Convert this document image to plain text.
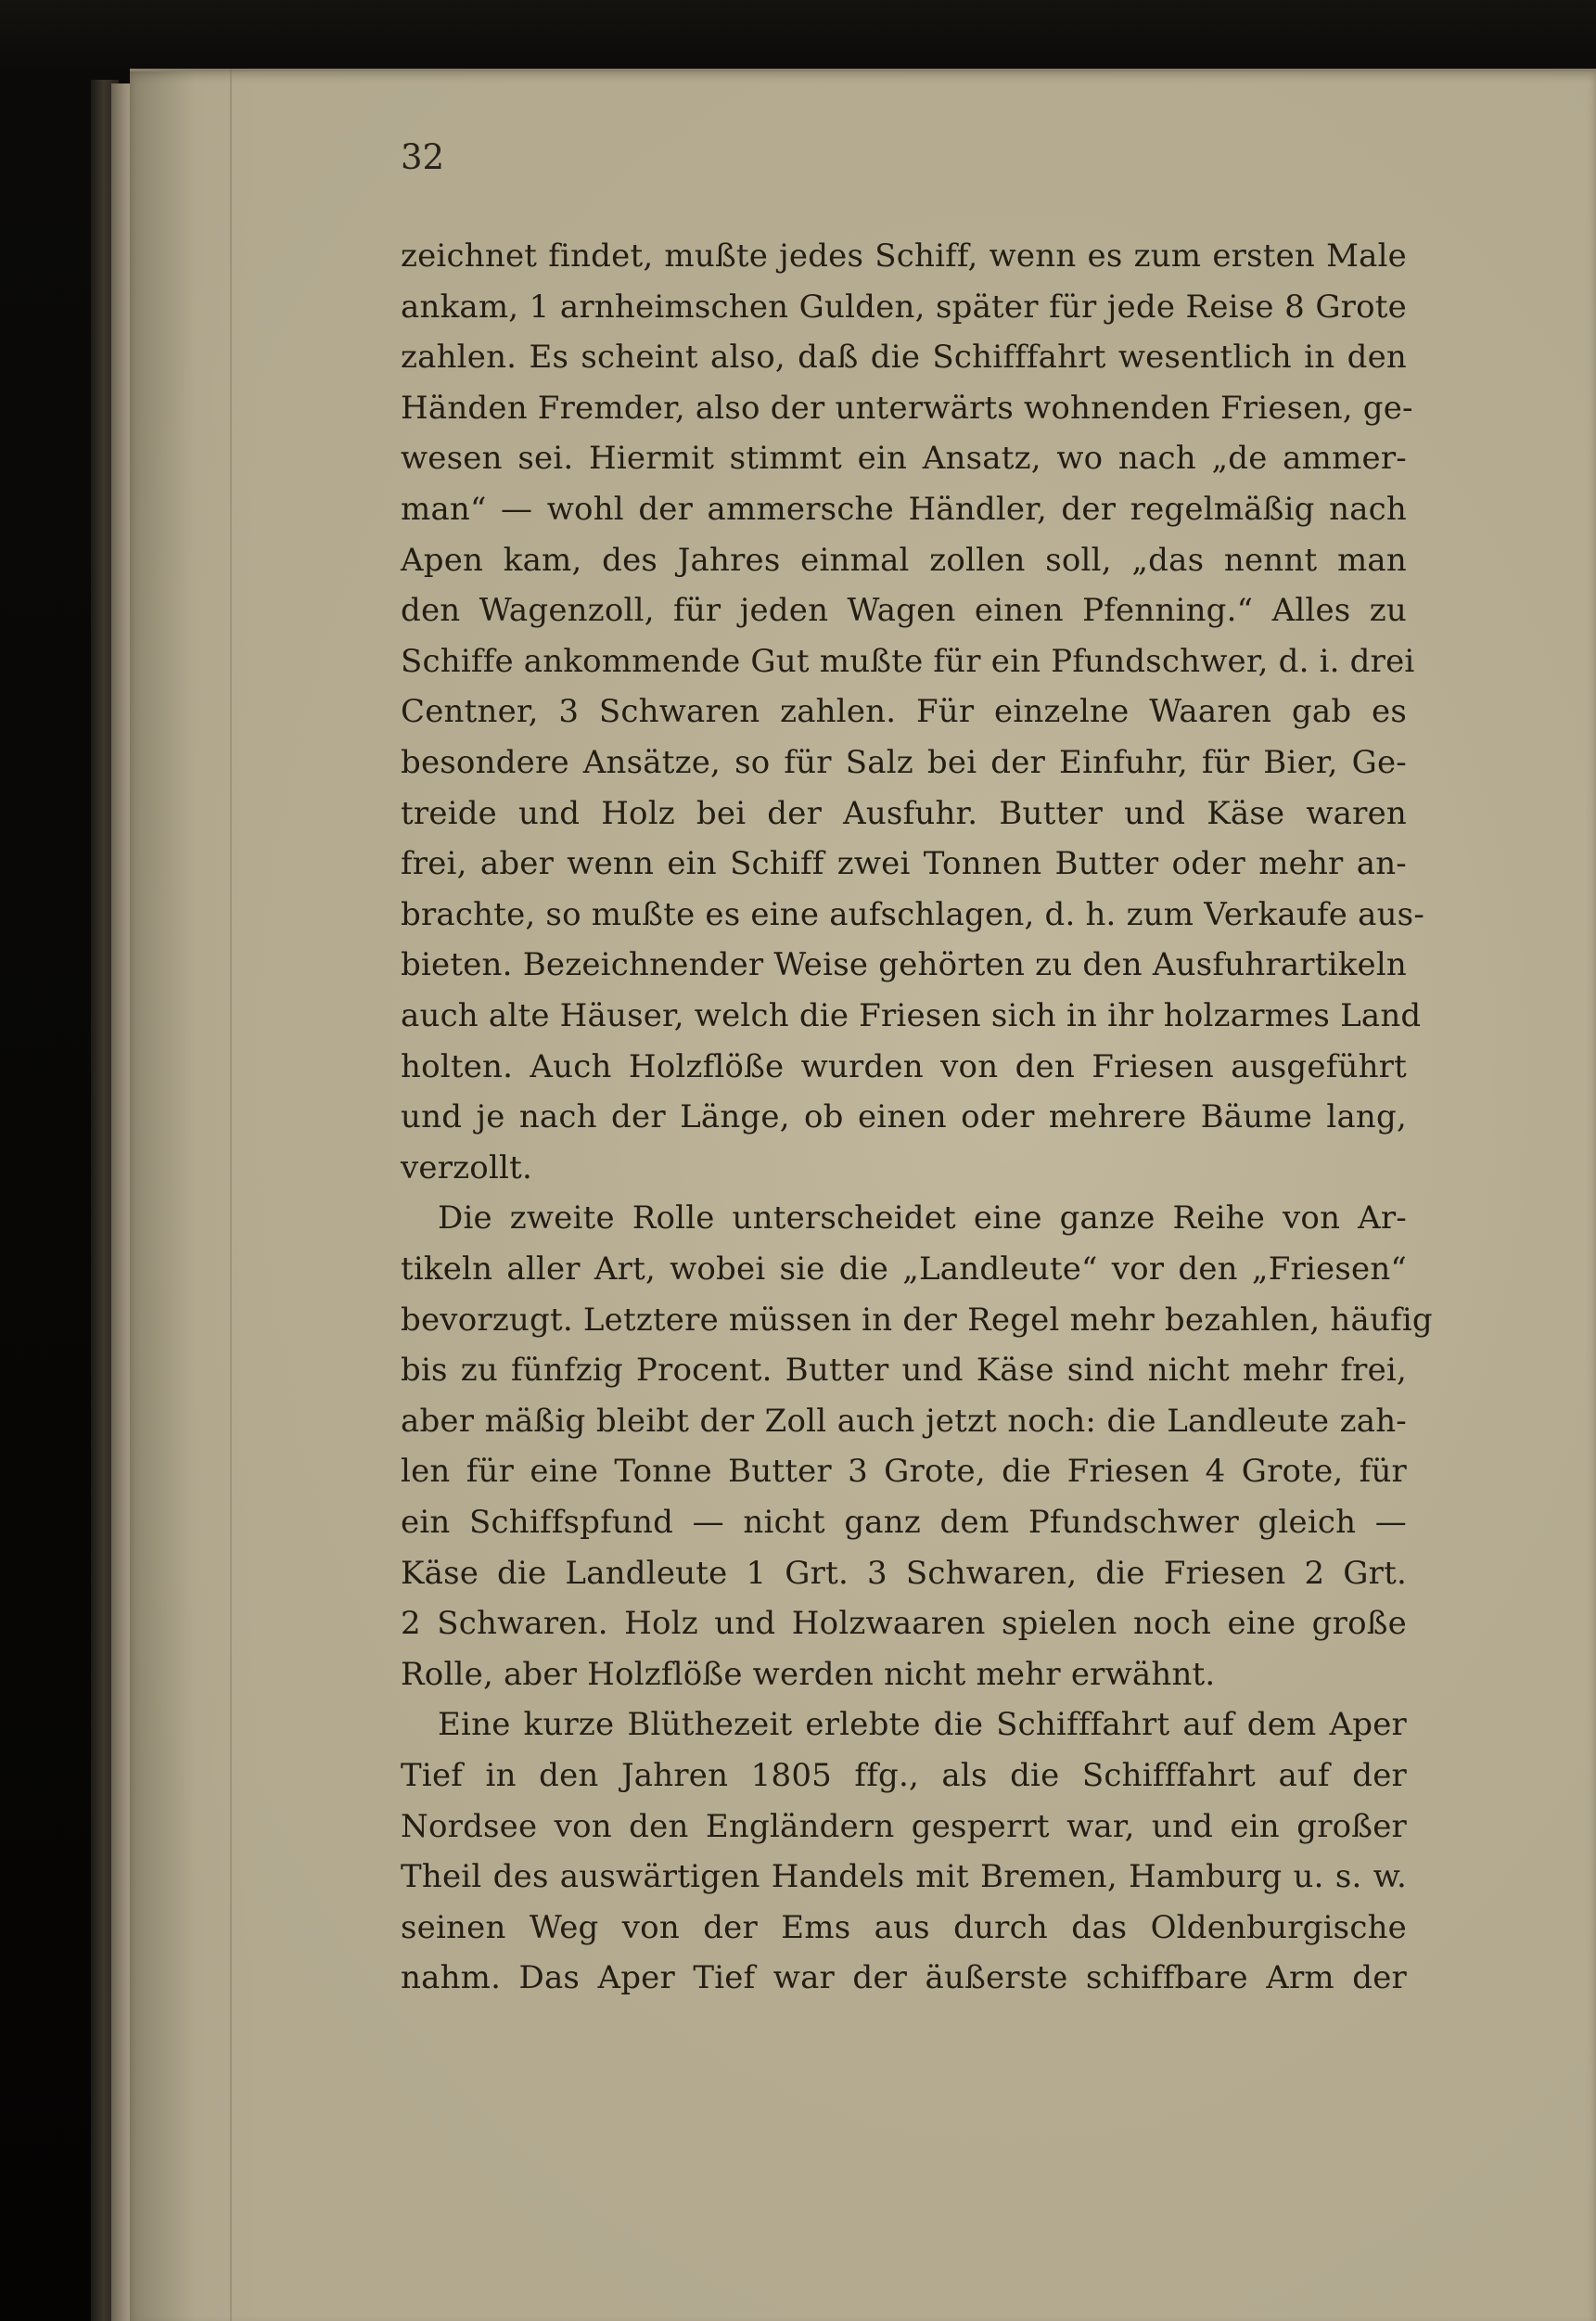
32
zeichnet findet, mußte jedes Schiff, wenn es zum ersten Male
ankam, 1 arnheimschen Gulden, später für jede Reise 8 Grote
zahlen. Es scheint also, daß die Schifffahrt wesentlich in den
Händen Fremder, also der unterwärts wohnenden Friesen, ge-
wesen sei. Hiermit stimmt ein Ansatz, wo nach „de ammer-
man“ — wohl der ammersche Händler, der regelmäßig nach
Apen kam, des Jahres einmal zollen soll, „das nennt man
den Wagenzoll, für jeden Wagen einen Pfenning.“ Alles zu
Schiffe ankommende Gut mußte für ein Pfundschwer, d. i. drei
Centner, 3 Schwaren zahlen. Für einzelne Waaren gab es
besondere Ansätze, so für Salz bei der Einfuhr, für Bier, Ge-
treide und Holz bei der Ausfuhr. Butter und Käse waren
frei, aber wenn ein Schiff zwei Tonnen Butter oder mehr an-
brachte, so mußte es eine aufschlagen, d. h. zum Verkaufe aus-
bieten. Bezeichnender Weise gehörten zu den Ausfuhrartikeln
auch alte Häuser, welch die Friesen sich in ihr holzarmes Land
holten. Auch Holzflöße wurden von den Friesen ausgeführt
und je nach der Länge, ob einen oder mehrere Bäume lang,
verzollt.
Die zweite Rolle unterscheidet eine ganze Reihe von Ar-
tikeln aller Art, wobei sie die „Landleute“ vor den „Friesen“
bevorzugt. Letztere müssen in der Regel mehr bezahlen, häufig
bis zu fünfzig Procent. Butter und Käse sind nicht mehr frei,
aber mäßig bleibt der Zoll auch jetzt noch: die Landleute zah-
len für eine Tonne Butter 3 Grote, die Friesen 4 Grote, für
ein Schiffspfund — nicht ganz dem Pfundschwer gleich —
Käse die Landleute 1 Grt. 3 Schwaren, die Friesen 2 Grt.
2 Schwaren. Holz und Holzwaaren spielen noch eine große
Rolle, aber Holzflöße werden nicht mehr erwähnt.
Eine kurze Blüthezeit erlebte die Schifffahrt auf dem Aper
Tief in den Jahren 1805 ffg., als die Schifffahrt auf der
Nordsee von den Engländern gesperrt war, und ein großer
Theil des auswärtigen Handels mit Bremen, Hamburg u. s. w.
seinen Weg von der Ems aus durch das Oldenburgische
nahm. Das Aper Tief war der äußerste schiffbare Arm der
